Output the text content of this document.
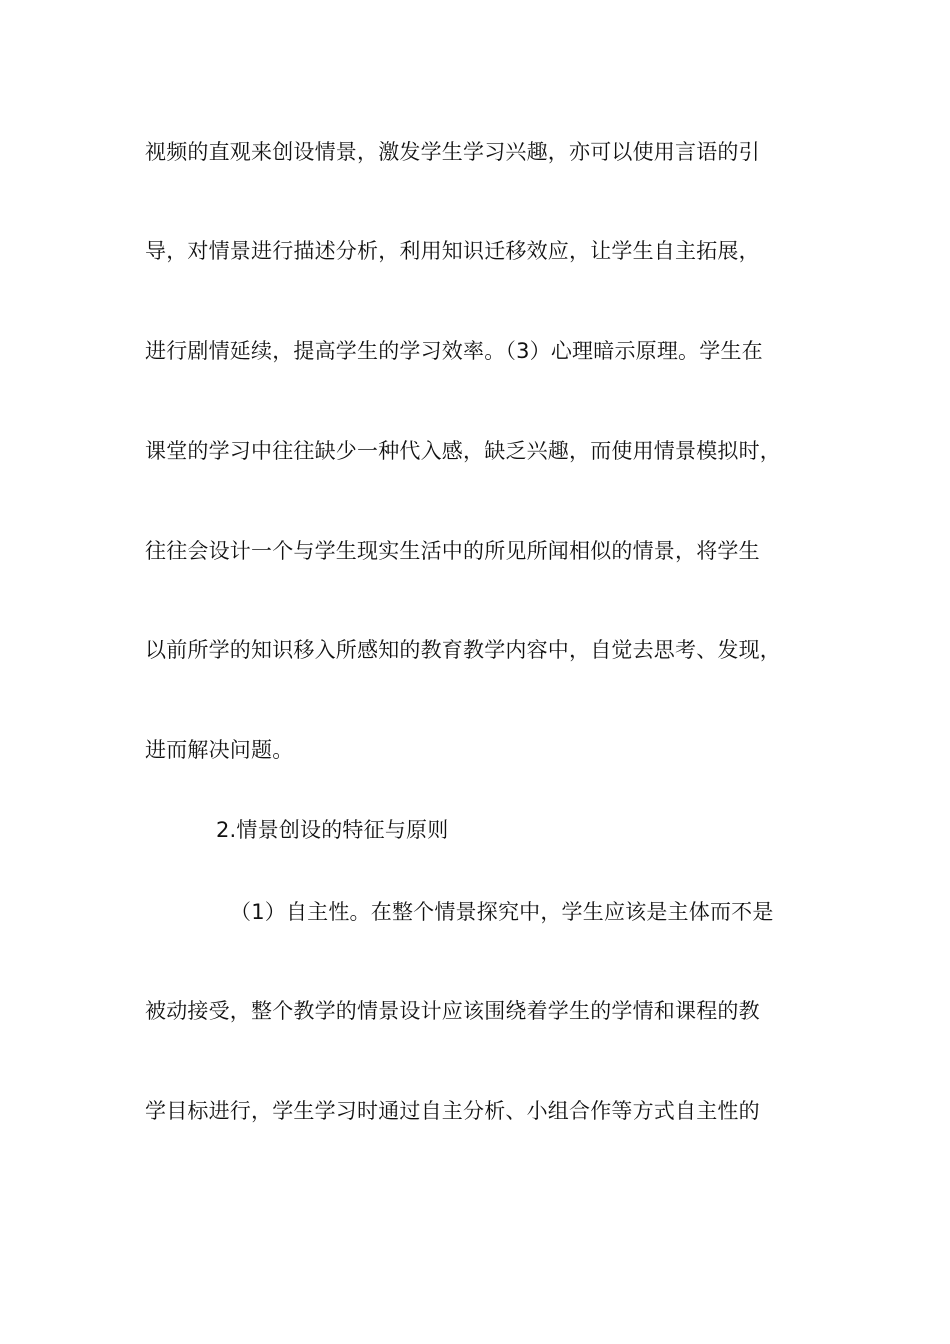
视频的直观来创设情景，激发学生学习兴趣，亦可以使用言语的引
导，对情景进行描述分析，利用知识迁移效应，让学生自主拓展，
进行剧情延续，提高学生的学习效率。（3）心理暗示原理。学生在
课堂的学习中往往缺少一种代入感，缺乏兴趣，而使用情景模拟时，
往往会设计一个与学生现实生活中的所见所闻相似的情景，将学生
以前所学的知识移入所感知的教育教学内容中，自觉去思考、发现，
进而解决问题。
2.情景创设的特征与原则
（1）自主性。在整个情景探究中，学生应该是主体而不是
被动接受，整个教学的情景设计应该围绕着学生的学情和课程的教
学目标进行，学生学习时通过自主分析、小组合作等方式自主性的
